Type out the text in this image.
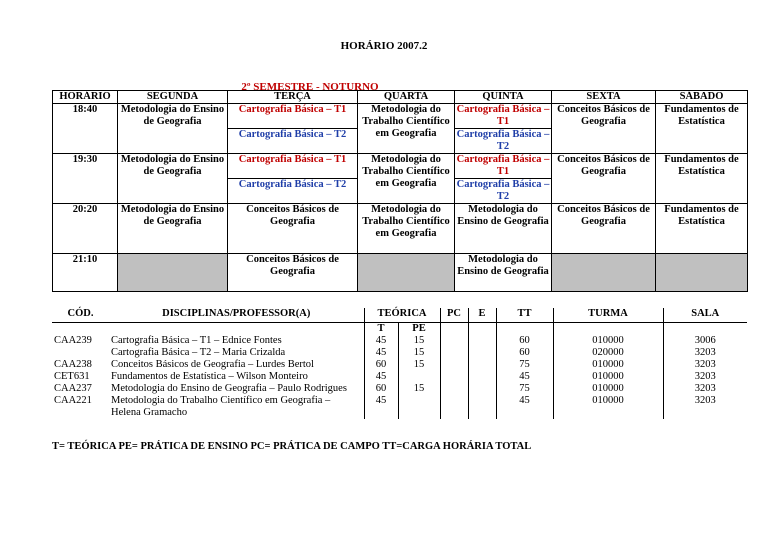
HORÁRIO 2007.2
2º SEMESTRE - NOTURNO
HORÁRIO	SEGUNDA	TERÇA	QUARTA	QUINTA	SEXTA	SÁBADO
18:40	Metodologia do Ensino de Geografia	Cartografia Básica – T1	Metodologia do Trabalho Científico em Geografia	Cartografia Básica – T1	Conceitos Básicos de Geografia	Fundamentos de Estatística
		Cartografia Básica – T2		Cartografia Básica – T2		
19:30	Metodologia do Ensino de Geografia	Cartografia Básica – T1	Metodologia do Trabalho Científico em Geografia	Cartografia Básica – T1	Conceitos Básicos de Geografia	Fundamentos de Estatística
		Cartografia Básica – T2		Cartografia Básica – T2		
20:20	Metodologia do Ensino de Geografia	Conceitos Básicos de Geografia	Metodologia do Trabalho Científico em Geografia	Metodologia do Ensino de Geografia	Conceitos Básicos de Geografia	Fundamentos de Estatística
21:10		Conceitos Básicos de Geografia		Metodologia do Ensino de Geografia		
CÓD.	DISCIPLINAS/PROFESSOR(A)	TEÓRICA		PC	E	TT	TURMA	SALA
		T	PE					
CAA239	Cartografia Básica – T1 – Ednice Fontes	45	15			60	010000	3006
	Cartografia Básica – T2 – Maria Crizalda	45	15			60	020000	3203
CAA238	Conceitos Básicos de Geografia – Lurdes Bertol	60	15			75	010000	3203
CET631	Fundamentos de Estatística – Wilson Monteiro	45				45	010000	3203
CAA237	Metodologia do Ensino de Geografia – Paulo Rodrigues	60	15			75	010000	3203
CAA221	Metodologia do Trabalho Científico em Geografia – Helena Gramacho	45				45	010000	3203
T= TEÓRICA PE= PRÁTICA DE ENSINO PC= PRÁTICA DE CAMPO TT=CARGA HORÁRIA TOTAL
